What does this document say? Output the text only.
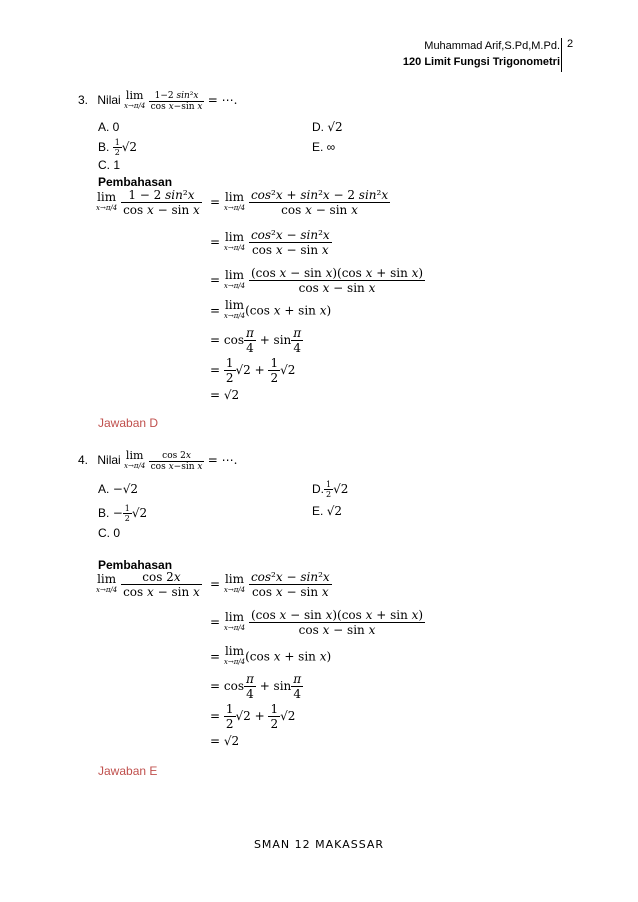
Muhammad Arif,S.Pd,M.Pd.
120 Limit Fungsi Trigonometri
2
3. Nilai lim
x→π/4
$\frac{\text{1−2 sin²x}}{\text{cos x−sin x}}$ = ⋯.
A. 0
B. $\frac{1}{2} √2$
C. 1
D. √2
E. ∞
Pembahasan
lim
x→π/4
$\frac{\text{1 − 2 sin²x}}{\text{cos x − sin x}} = \lim$
x→π/4
$\frac{\text{cos²x + sin²x − 2 sin²x}}{\text{cos x − sin x}}$
= lim
x→π/4
$\frac{\text{cos²x − sin²x}}{\text{cos x − sin x}}$
= lim
x→π/4
$\frac{\text{(cos x − sin x)(cos x + sin x)}}{\text{cos x − sin x}}$
= lim
x→π/4 (cos x + sin x)
= $\cos \frac{\pi}{4} + \sin \frac{\pi}{4}$
= $\frac{1}{2} √2 + \frac{1}{2} √2$
= √2
Jawaban D
4. Nilai lim
x→π/4
$\frac{\cos 2x}{\text{cos x−sin x}}$ = ⋯.
A. −√2
B. − $\frac{1}{2} √2$
C. 0
D. $\frac{1}{2} √2$
E. √2
Pembahasan
lim
x→π/4
$\frac{\cos 2x}{\text{cos x − sin x}} = \lim$
x→π/4
$\frac{\text{cos²x − sin²x}}{\text{cos x − sin x}}$
= lim
x→π/4
$\frac{\text{(cos x − sin x)(cos x + sin x)}}{\text{cos x − sin x}}$
= lim
x→π/4 (cos x + sin x)
= $\cos \frac{\pi}{4} + \sin \frac{\pi}{4}$
= $\frac{1}{2} √2 + \frac{1}{2} √2$
= √2
Jawaban E
SMAN 12 MAKASSAR
